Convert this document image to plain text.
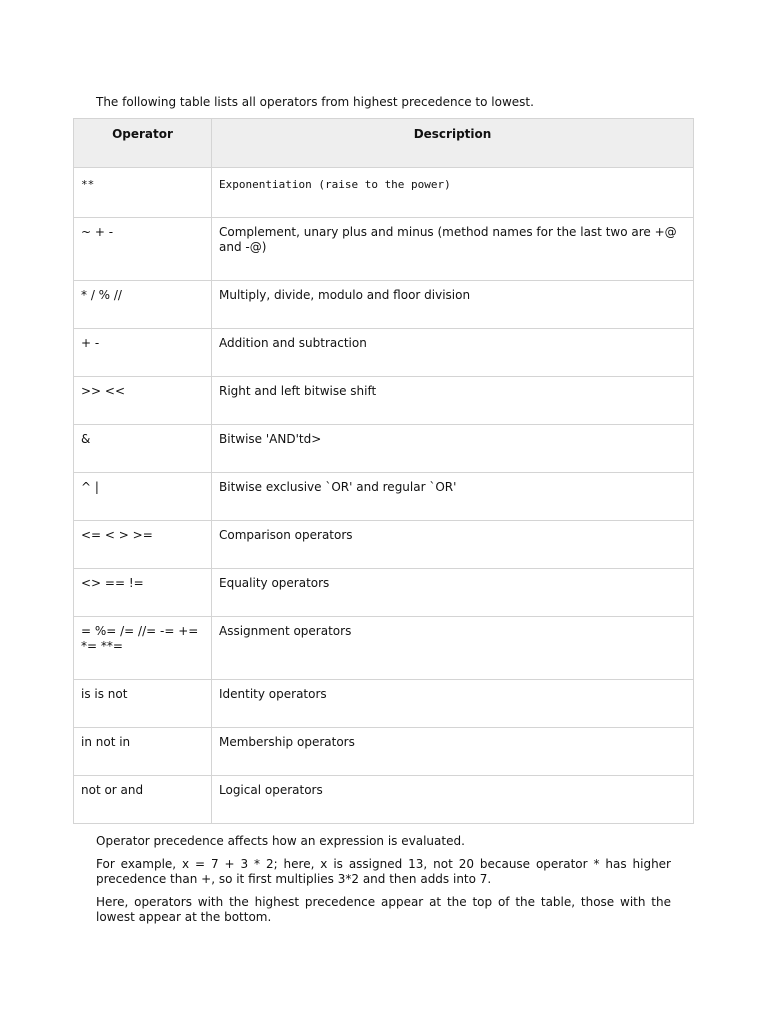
The following table lists all operators from highest precedence to lowest.
Operator	Description
**	Exponentiation (raise to the power)
~ + -	Complement, unary plus and minus (method names for the last two are +@ and -@)
* / % //	Multiply, divide, modulo and floor division
+ -	Addition and subtraction
>> <<	Right and left bitwise shift
&	Bitwise 'AND'td>
^ |	Bitwise exclusive `OR' and regular `OR'
<= < > >=	Comparison operators
<> == !=	Equality operators
= %= /= //= -= += *= **=	Assignment operators
is is not	Identity operators
in not in	Membership operators
not or and	Logical operators

Operator precedence affects how an expression is evaluated.

For example, x = 7 + 3 * 2; here, x is assigned 13, not 20 because operator * has higher precedence than +, so it first multiplies 3*2 and then adds into 7.

Here, operators with the highest precedence appear at the top of the table, those with the lowest appear at the bottom.
